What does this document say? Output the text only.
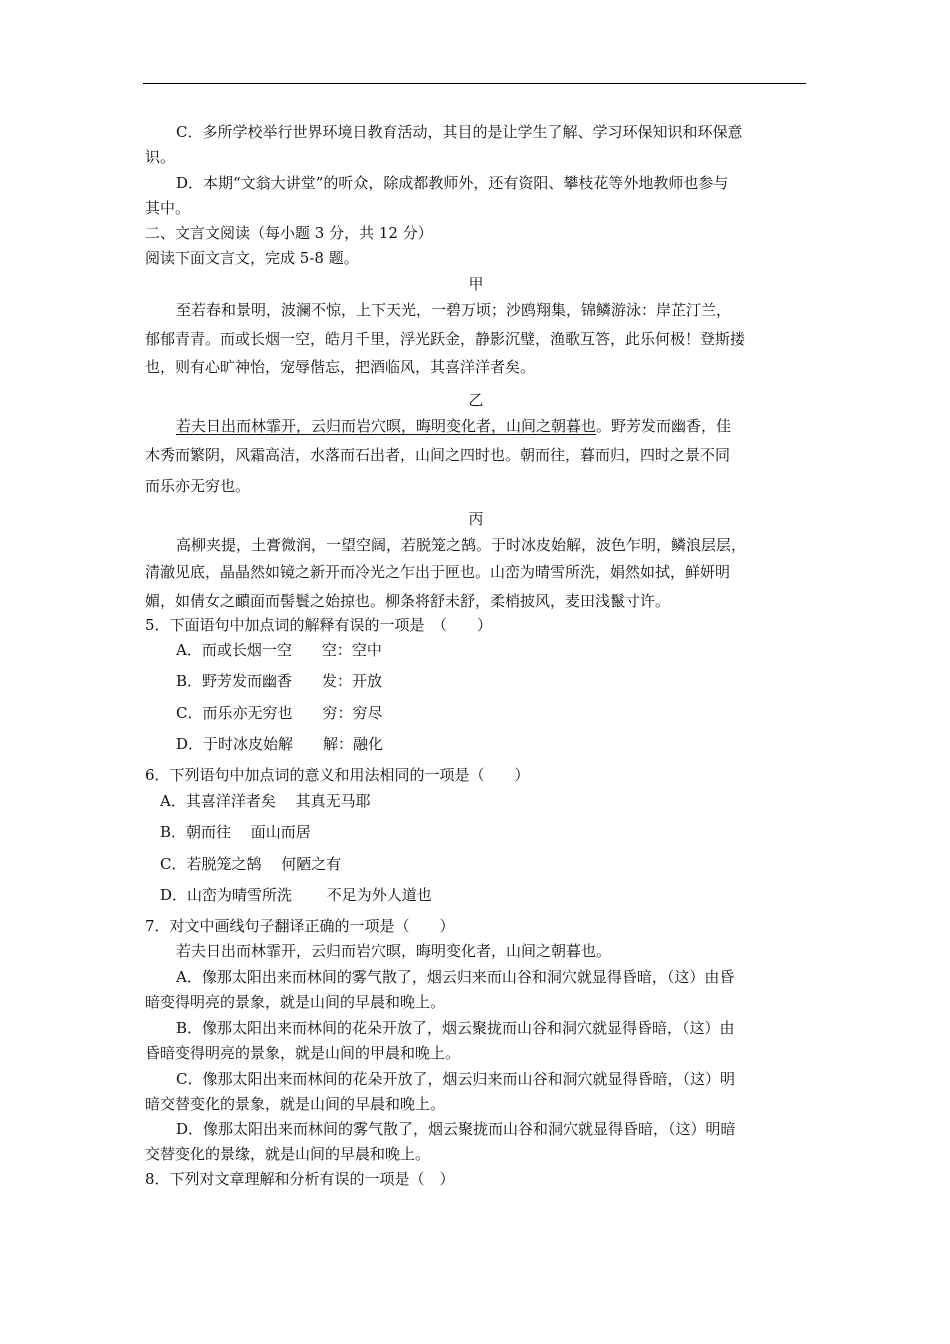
C．多所学校举行世界环境日教育活动，其目的是让学生了解、学习环保知识和环保意
识。
D．本期“文翁大讲堂”的听众，除成都教师外，还有资阳、攀枝花等外地教师也参与
其中。
二、文言文阅读（每小题 3 分，共 12 分）
阅读下面文言文，完成 5-8 题。
甲
至若春和景明，波澜不惊，上下天光，一碧万顷；沙鸥翔集，锦鳞游泳：岸芷汀兰，
郁郁青青。而或长烟一空，皓月千里，浮光跃金，静影沉璧，渔歌互答，此乐何极！登斯搂
也，则有心旷神怡，宠辱偕忘，把酒临风，其喜洋洋者矣。
乙
若夫日出而林霏开，云归而岩穴暝，晦明变化者，山间之朝暮也。野芳发而幽香，佳
木秀而繁阴，风霜高洁，水落而石出者，山间之四时也。朝而往，暮而归，四时之景不同
而乐亦无穷也。
丙
高柳夹提，土膏微润，一望空阔，若脱笼之鹄。于时冰皮始解，波色乍明，鳞浪层层，
清澈见底，晶晶然如镜之新开而冷光之乍出于匣也。山峦为晴雪所洗，娟然如拭，鲜妍明
媚，如倩女之靧面而髻鬟之始掠也。柳条将舒未舒，柔梢披风，麦田浅鬣寸许。
5．下面语句中加点词的解释有误的一项是　（　　）
A．而或长烟一空　　空：空中
B．野芳发而幽香　　发：开放
C．而乐亦无穷也　　穷：穷尽
D．于时冰皮始解　　解：融化
6．下列语句中加点词的意义和用法相同的一项是（　　）
A．其喜洋洋者矣　 其真无马耶
B．朝而往　 面山而居
C．若脱笼之鹄　 何陋之有
D．山峦为晴雪所洗　　 不足为外人道也
7．对文中画线句子翻译正确的一项是（　　）
若夫日出而林霏开，云归而岩穴暝，晦明变化者，山间之朝暮也。
A．像那太阳出来而林间的雾气散了，烟云归来而山谷和洞穴就显得昏暗，（这）由昏
暗变得明亮的景象，就是山间的早晨和晚上。
B．像那太阳出来而林间的花朵开放了，烟云聚拢而山谷和洞穴就显得昏暗，（这）由
昏暗变得明亮的景象，就是山间的甲晨和晚上。
C．像那太阳出来而林间的花朵开放了，烟云归来而山谷和洞穴就显得昏暗，（这）明
暗交替变化的景象，就是山间的早晨和晚上。
D．像那太阳出来而林间的雾气散了，烟云聚拢而山谷和洞穴就显得昏暗，（这）明暗
交替变化的景缘，就是山间的早晨和晚上。
8．下列对文章理解和分析有误的一项是（　）
